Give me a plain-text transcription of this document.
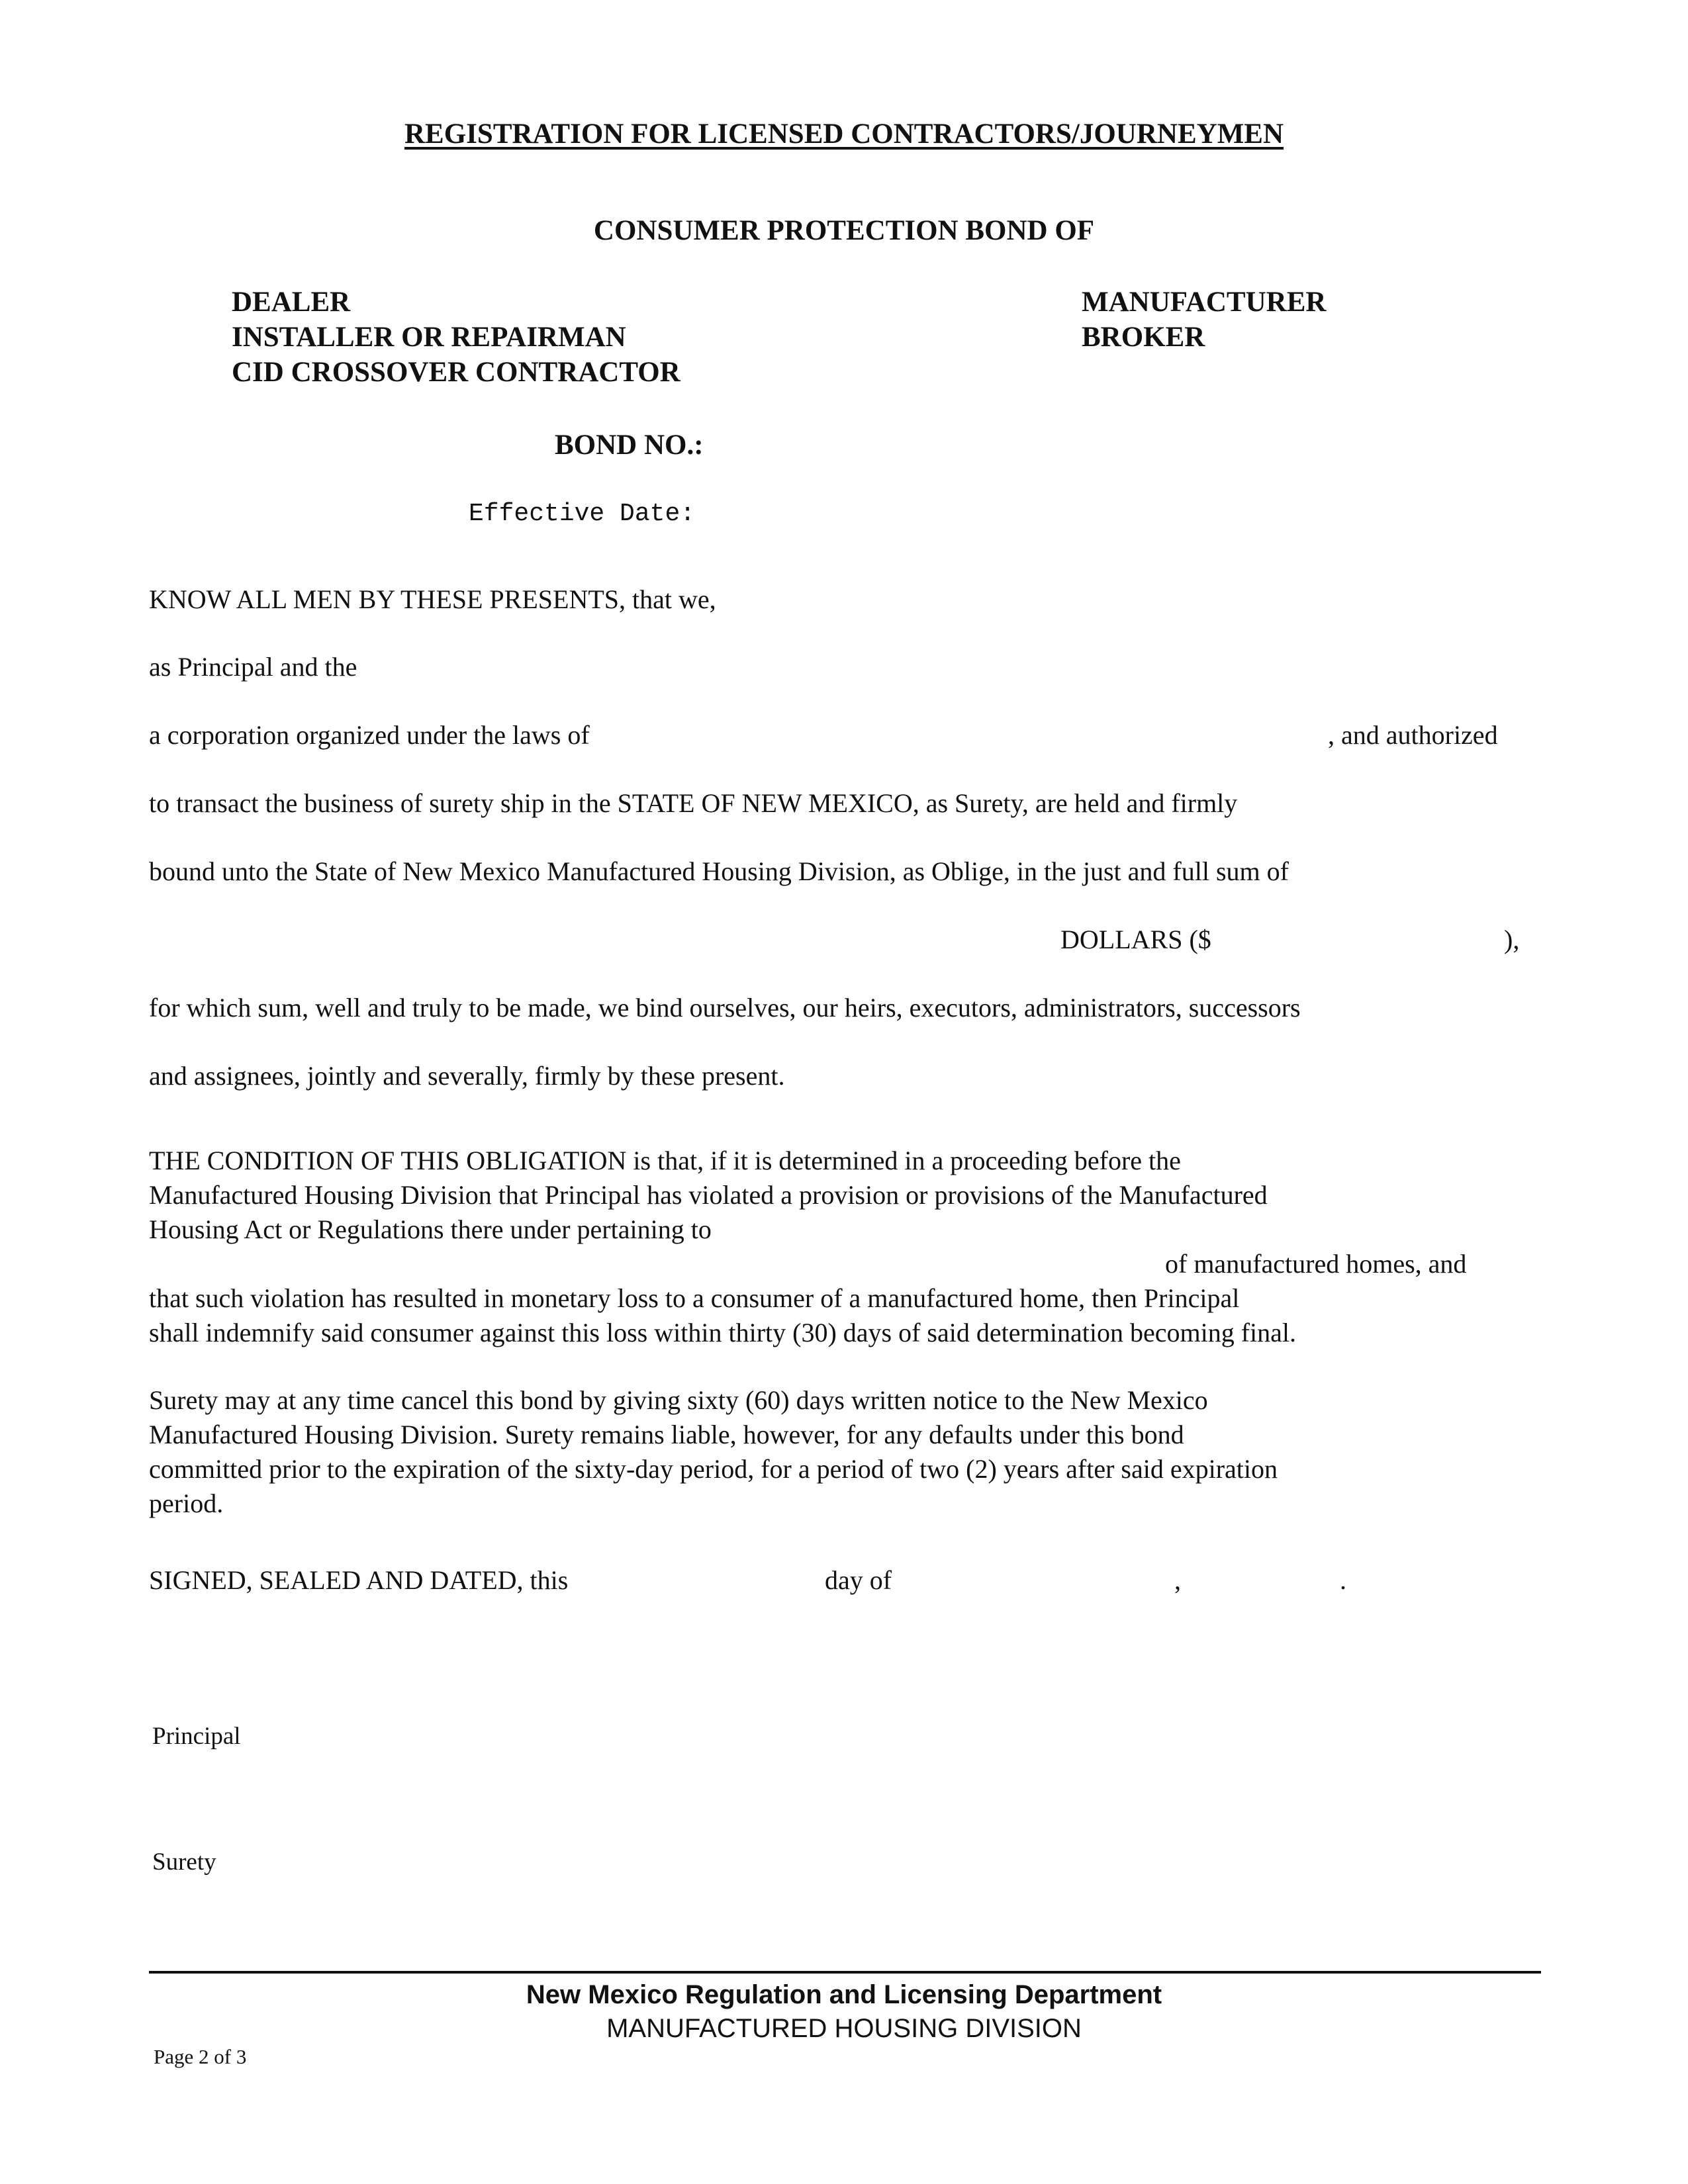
REGISTRATION FOR LICENSED CONTRACTORS/JOURNEYMEN
CONSUMER PROTECTION BOND OF
DEALER
INSTALLER OR REPAIRMAN
CID CROSSOVER CONTRACTOR
MANUFACTURER
BROKER
BOND NO.:
Effective Date:
KNOW ALL MEN BY THESE PRESENTS, that we,
as Principal and the
a corporation organized under the laws of	, and authorized
to transact the business of surety ship in the STATE OF NEW MEXICO, as Surety, are held and firmly
bound unto the State of New Mexico Manufactured Housing Division, as Oblige, in the just and full sum of
DOLLARS ($	),
for which sum, well and truly to be made, we bind ourselves, our heirs, executors, administrators, successors
and assignees, jointly and severally, firmly by these present.
THE CONDITION OF THIS OBLIGATION is that, if it is determined in a proceeding before the
Manufactured Housing Division that Principal has violated a provision or provisions of the Manufactured
Housing Act or Regulations there under pertaining to
of manufactured homes, and
that such violation has resulted in monetary loss to a consumer of a manufactured home, then Principal
shall indemnify said consumer against this loss within thirty (30) days of said determination becoming final.
Surety may at any time cancel this bond by giving sixty (60) days written notice to the New Mexico
Manufactured Housing Division. Surety remains liable, however, for any defaults under this bond
committed prior to the expiration of the sixty-day period, for a period of two (2) years after said expiration
period.
SIGNED, SEALED AND DATED, this	day of	,	.
Principal
Surety
New Mexico Regulation and Licensing Department
MANUFACTURED HOUSING DIVISION
Page 2 of 3
